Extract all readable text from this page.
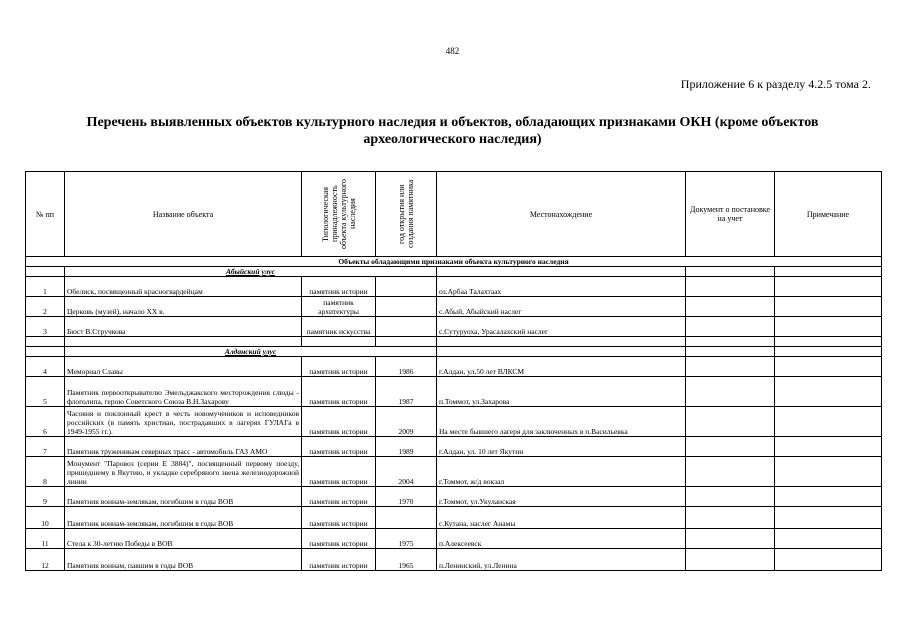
482
Приложение 6 к разделу 4.2.5 тома 2.
Перечень выявленных объектов культурного наследия и объектов, обладающих признаками ОКН (кроме объектов археологического наследия)
№ пп	Название объекта	Типологическая принадлежность объекта культурного наследия	год открытия или создания памятника	Местонахождение	Документ о постановке на учет	Примечание
Объекты обладающими признаками объекта культурного наследия						
	Абыйский улус					
1	Обелиск, посвященный красногвардейцам	памятник истории		оз.Арбаа Талахтаах		
2	Церковь (музей), начало XX в.	памятник архитектуры		с.Абый, Абыйский наслег		
3	Бюст В.Стручкова	памятник искусства		с.Сутуруоха, Урасалахский наслег		

	Алданский улус					
4	Мемориал Славы	памятник истории	1986	г.Алдан, ул.50 лет ВЛКСМ		
5	Памятник первооткрывателю Эмельджакского месторождения слюды - флоголипа, герою Советского Союза В.Н.Захарову	памятник истории	1987	п.Томмот, ул.Захарова		
6	Часовня и поклонный крест в честь новомучеников и исповедников российских (в память христиан, пострадавших в лагерях ГУЛАГа в 1949-1955 гг.).	памятник истории	2009	На месте бывшего лагеря для заключенных в п.Васильевка		
7	Памятник труженикам северных трасс - автомобиль ГАЗ АМО	памятник истории	1989	г.Алдан, ул. 10 лет Якутии		
8	Монумент "Паровоз (серии Е 3884)", посвященный первому поезду, пришедшему в Якутию, и укладке серебряного звена железнодорожной линии	памятник истории	2004	г.Томмот, ж/д вокзал		
9	Памятник воинам-землякам, погибшим в годы ВОВ	памятник истории	1970	г.Томмот, ул.Укуланская		
10	Памятник воинам-землякам, погибшим в годы ВОВ	памятник истории		с.Кутана, наслег Анамы		
11	Стела к 30-летию Победы в ВОВ	памятник истории	1975	п.Алексеевск		
12	Памятник воинам, павшим в годы ВОВ	памятник истории	1965	п.Ленинский, ул.Ленина		
